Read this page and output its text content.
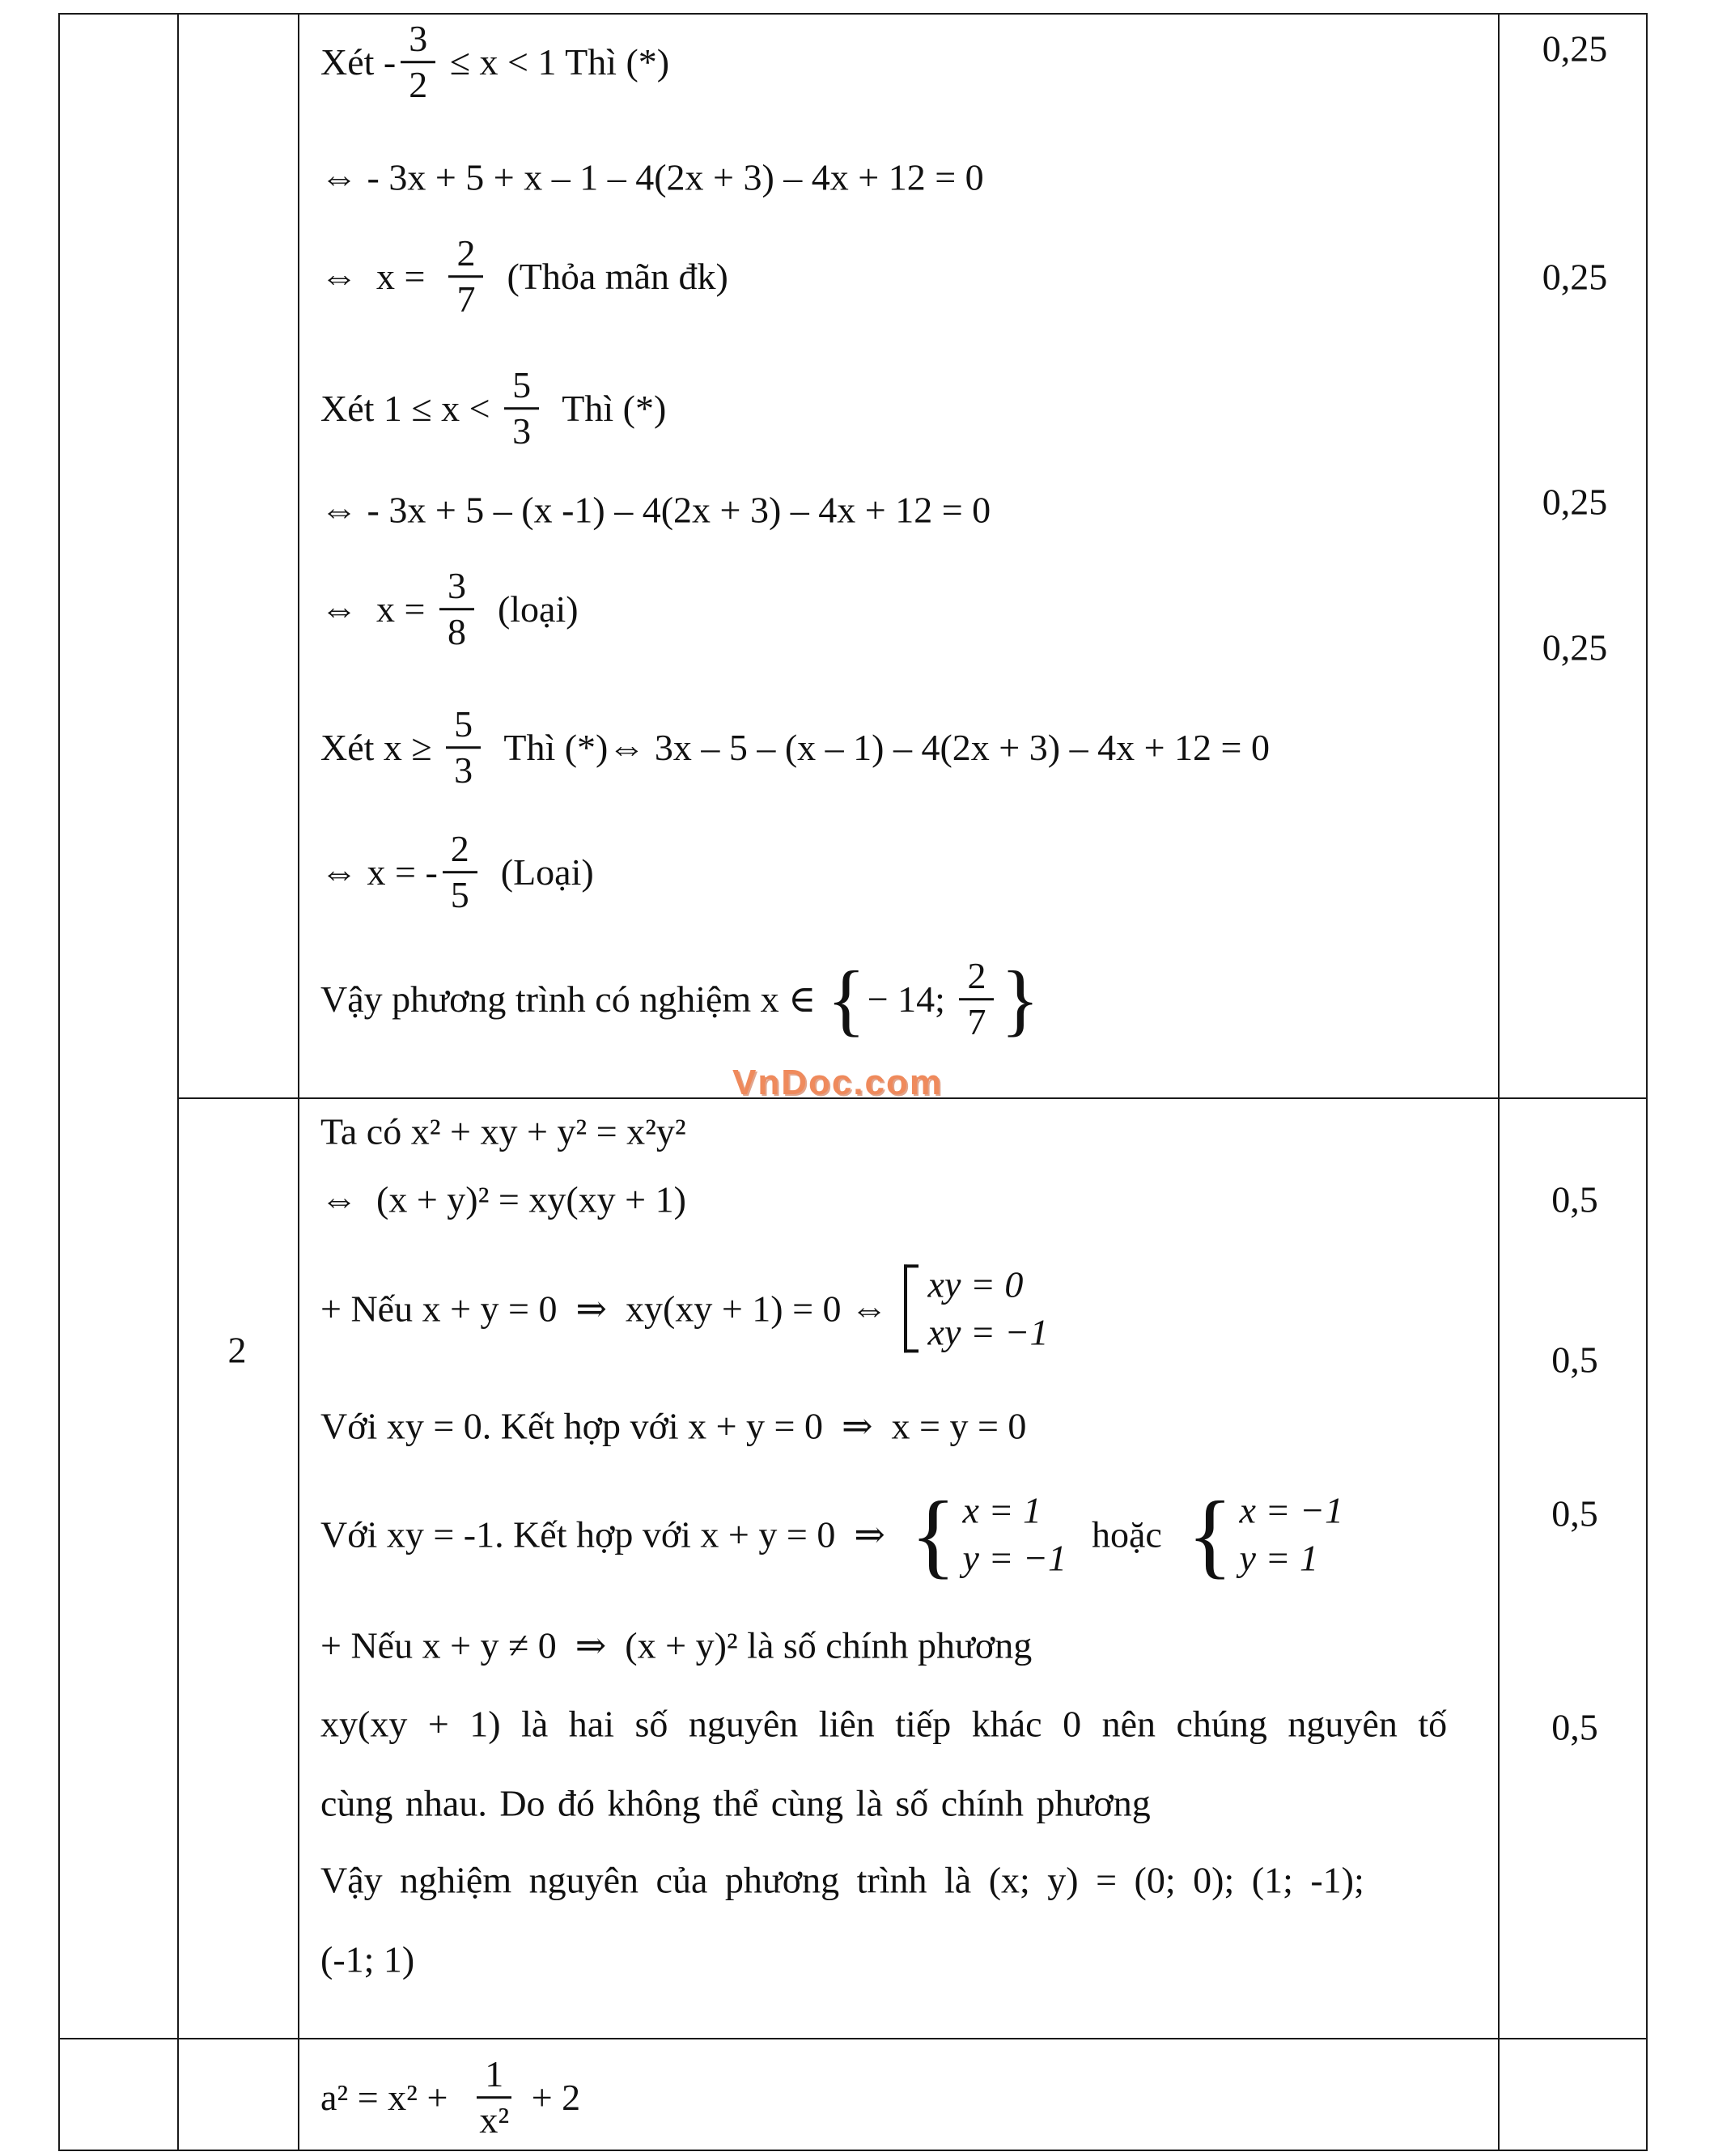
2
VnDoc.com
Xét - $\frac{3}{2} \le x < 1$ Thì (*)
⇔ - 3x + 5 + x – 1 – 4(2x + 3) – 4x + 12 = 0
⇔  $x = \frac{2}{7}$ (Thỏa mãn đk)
Xét $1 \le x < \frac{5}{3}$ Thì (*)
⇔ - 3x + 5 – (x -1) – 4(2x + 3) – 4x + 12 = 0
⇔  $x = \frac{3}{8}$ (loại)
Xét $x \ge \frac{5}{3}$ Thì (*)⇔ 3x – 5 – (x – 1) – 4(2x + 3) – 4x + 12 = 0
⇔ x = - $\frac{2}{5}$ (Loại)
Vậy phương trình có nghiệm x ∈ { − 14; $\frac{2}{7}$ }
0,25
0,25
0,25
0,25
Ta có x² + xy + y² = x²y²
⇔  (x + y)² = xy(xy + 1)
+ Nếu x + y = 0  ⇒  xy(xy + 1) = 0 ⇔
xy = 0
xy = −1
Với xy = 0. Kết hợp với x + y = 0  ⇒  x = y = 0
Với xy = -1. Kết hợp với x + y = 0  ⇒ { x = 1
y = −1
hoặc { x = −1
y = 1
+ Nếu x + y ≠ 0  ⇒  (x + y)² là số chính phương
xy(xy + 1) là hai số nguyên liên tiếp khác 0 nên chúng nguyên tố
cùng nhau. Do đó không thể cùng là số chính phương
Vậy nghiệm nguyên của phương trình là (x; y) = (0; 0); (1; -1);
(-1; 1)
0,5
0,5
0,5
0,5
$a^2 = x^2 + \frac{1}{\text{x²}} + 2$
